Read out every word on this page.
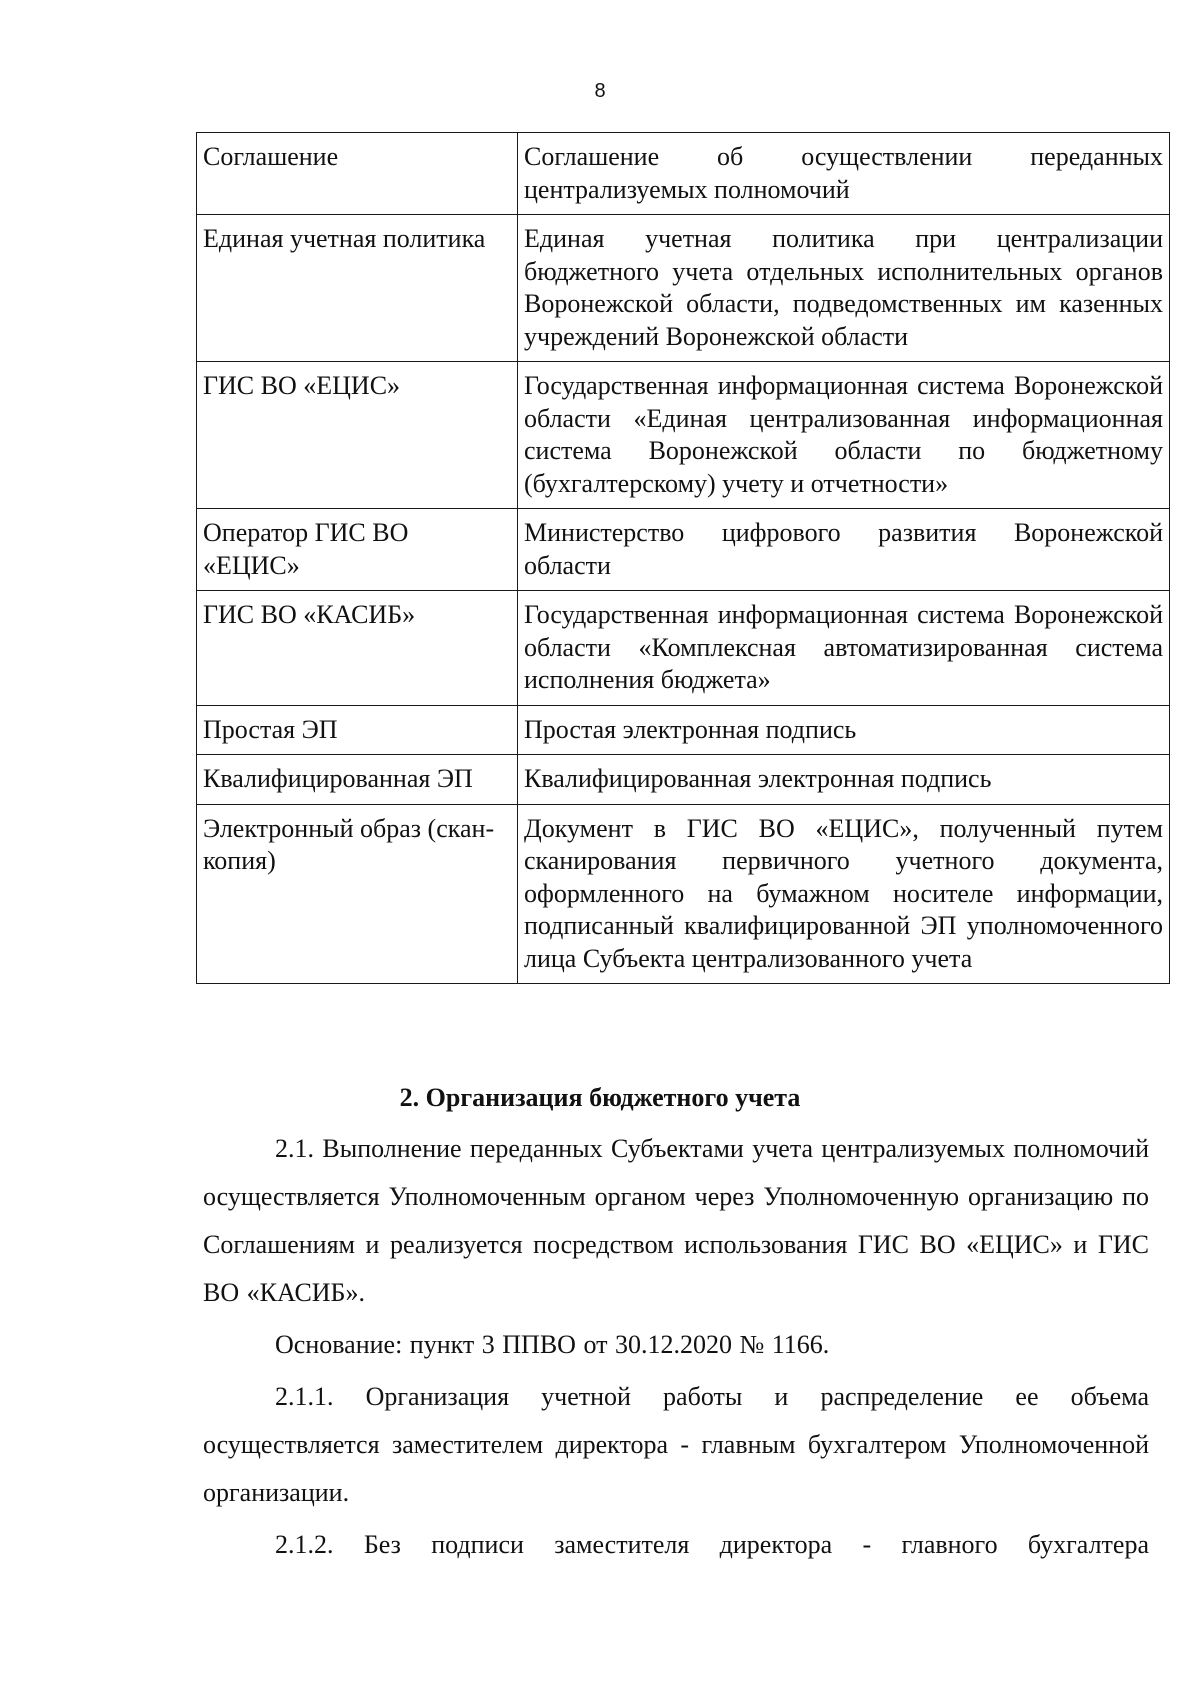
8
Соглашение	Соглашение об осуществлении переданных централизуемых полномочий
Единая учетная политика	Единая учетная политика при централизации бюджетного учета отдельных исполнительных органов Воронежской области, подведомственных им казенных учреждений Воронежской области
ГИС ВО «ЕЦИС»	Государственная информационная система Воронежской области «Единая централизованная информационная система Воронежской области по бюджетному (бухгалтерскому) учету и отчетности»
Оператор ГИС ВО «ЕЦИС»	Министерство цифрового развития Воронежской области
ГИС ВО «КАСИБ»	Государственная информационная система Воронежской области «Комплексная автоматизированная система исполнения бюджета»
Простая ЭП	Простая электронная подпись
Квалифицированная ЭП	Квалифицированная электронная подпись
Электронный образ (скан-копия)	Документ в ГИС ВО «ЕЦИС», полученный путем сканирования первичного учетного документа, оформленного на бумажном носителе информации, подписанный квалифицированной ЭП уполномоченного лица Субъекта централизованного учета
2. Организация бюджетного учета

2.1. Выполнение переданных Субъектами учета централизуемых полномочий осуществляется Уполномоченным органом через Уполномоченную организацию по Соглашениям и реализуется посредством использования ГИС ВО «ЕЦИС» и ГИС ВО «КАСИБ».

Основание: пункт 3 ППВО от 30.12.2020 № 1166.

2.1.1. Организация учетной работы и распределение ее объема осуществляется заместителем директора - главным бухгалтером Уполномоченной организации.

2.1.2. Без подписи заместителя директора - главного бухгалтера
